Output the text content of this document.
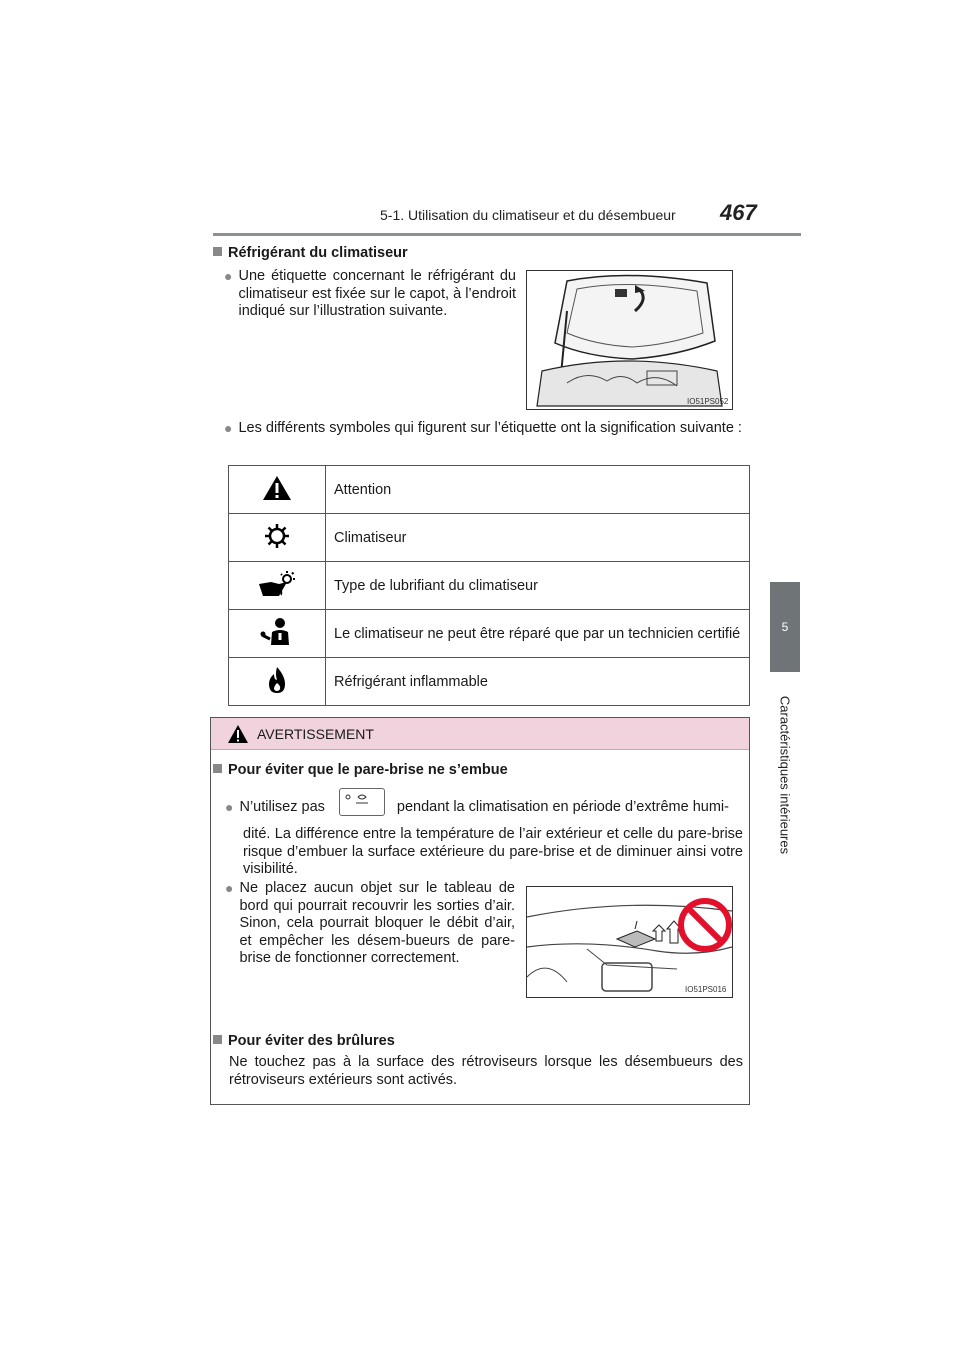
5-1. Utilisation du climatiseur et du désembueur 467
5
Caractéristiques intérieures
Réfrigérant du climatiseur
● Une étiquette concernant le réfrigérant du climatiseur est fixée sur le capot, à l’endroit indiqué sur l’illustration suivante.
IO51PS052
● Les différents symboles qui figurent sur l’étiquette ont la signification suivante :
	Attention
	Climatiseur
	Type de lubrifiant du climatiseur
	Le climatiseur ne peut être réparé que par un technicien certifié
	Réfrigérant inflammable
AVERTISSEMENT
Pour éviter que le pare-brise ne s’embue
● N’utilisez pas	pendant la climatisation en période d’extrême humi-
dité. La différence entre la température de l’air extérieur et celle du pare-brise risque d’embuer la surface extérieure du pare-brise et de diminuer ainsi votre visibilité.
● Ne placez aucun objet sur le tableau de bord qui pourrait recouvrir les sorties d’air. Sinon, cela pourrait bloquer le débit d’air, et empêcher les désem-bueurs de pare-brise de fonctionner correctement.
IO51PS016
Pour éviter des brûlures
Ne touchez pas à la surface des rétroviseurs lorsque les désembueurs des rétroviseurs extérieurs sont activés.
